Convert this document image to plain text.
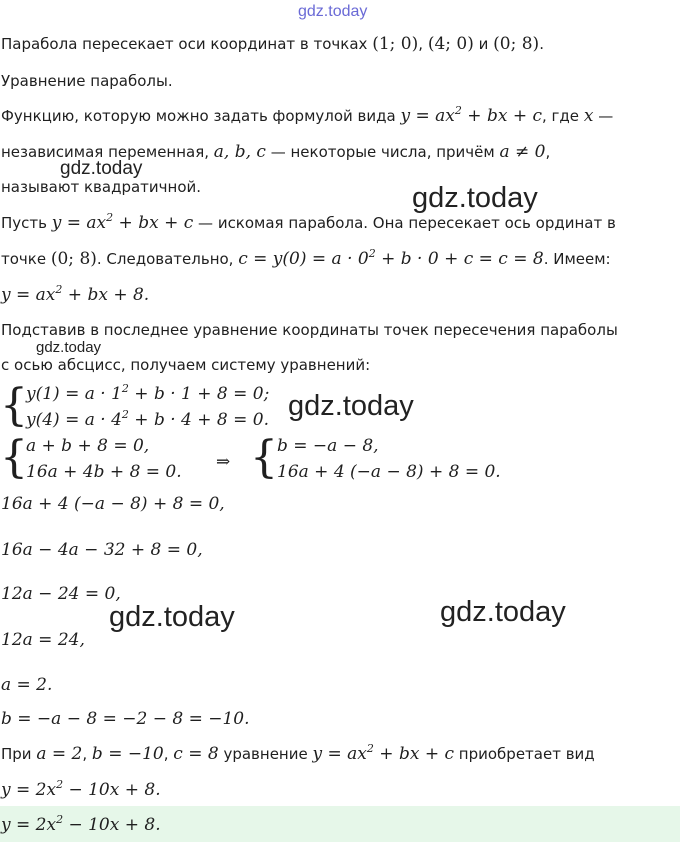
gdz.today
Парабола пересекает оси координат в точках (1; 0), (4; 0) и (0; 8).
Уравнение параболы.
Функцию, которую можно задать формулой вида $y = ax^2$ + bx + c, где x —
независимая переменная, a, b, c — некоторые числа, причём a ≠ 0,
называют квадратичной.
gdz.today
gdz.today
Пусть $y = ax^2$ + bx + c — искомая парабола. Она пересекает ось ординат в
точке (0; 8). Следовательно, $c = y(0) = a \cdot 0^2 + b \cdot 0 + c = c = 8$. Имеем:
$y = ax^2$ + bx + 8.
Подставив в последнее уравнение координаты точек пересечения параболы
с осью абсцисс, получаем систему уравнений:
gdz.today
{
$y(1) = a \cdot 1^2 + b \cdot 1 + 8 = 0$;
$y(4) = a \cdot 4^2 + b \cdot 4 + 8 = 0$. gdz.today
{
a + b + 8 = 0,
16a + 4b + 8 = 0. ⇒ { b = −a − 8,
16a + 4 (−a − 8) + 8 = 0.
16a + 4 (−a − 8) + 8 = 0,
16a − 4a − 32 + 8 = 0,
12a − 24 = 0,
gdz.today	gdz.today
12a = 24,
a = 2.
b = −a − 8 = −2 − 8 = −10.
При a = 2, b = −10, c = 8 уравнение $y = ax^2$ + bx + c приобретает вид
$y = 2x^2 - 10x + 8$.
$y = 2x^2 - 10x + 8$.
